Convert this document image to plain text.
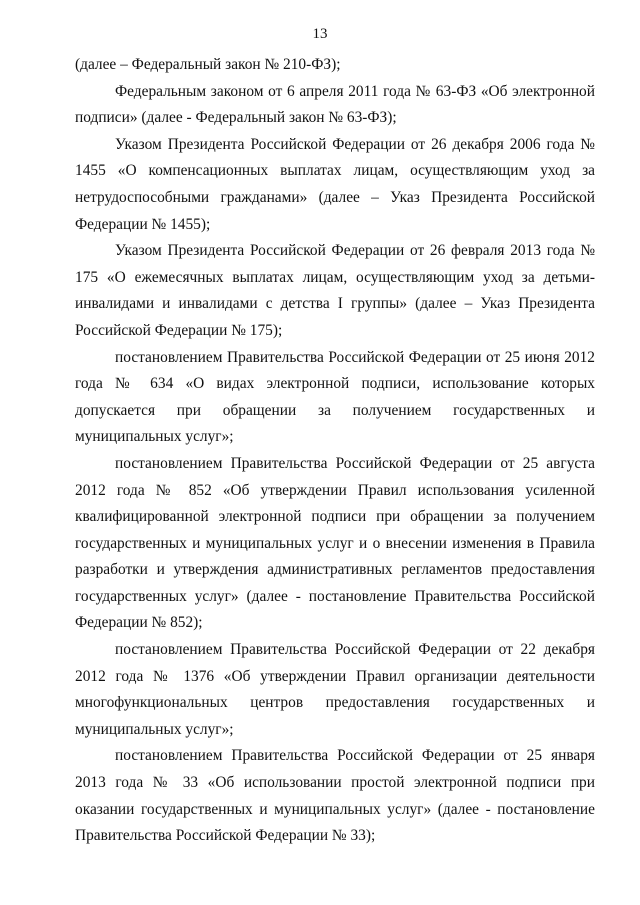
13

(далее – Федеральный закон № 210-ФЗ);

Федеральным законом от 6 апреля 2011 года № 63-ФЗ «Об электронной подписи» (далее - Федеральный закон № 63-ФЗ);

Указом Президента Российской Федерации от 26 декабря 2006 года № 1455 «О компенсационных выплатах лицам, осуществляющим уход за нетрудоспособными гражданами» (далее – Указ Президента Российской Федерации № 1455);

Указом Президента Российской Федерации от 26 февраля 2013 года № 175 «О ежемесячных выплатах лицам, осуществляющим уход за детьми-инвалидами и инвалидами с детства I группы» (далее – Указ Президента Российской Федерации № 175);

постановлением Правительства Российской Федерации от 25 июня 2012 года № 634 «О видах электронной подписи, использование которых допускается при обращении за получением государственных и муниципальных услуг»;

постановлением Правительства Российской Федерации от 25 августа 2012 года № 852 «Об утверждении Правил использования усиленной квалифицированной электронной подписи при обращении за получением государственных и муниципальных услуг и о внесении изменения в Правила разработки и утверждения административных регламентов предоставления государственных услуг» (далее - постановление Правительства Российской Федерации № 852);

постановлением Правительства Российской Федерации от 22 декабря 2012 года № 1376 «Об утверждении Правил организации деятельности многофункциональных центров предоставления государственных и муниципальных услуг»;

постановлением Правительства Российской Федерации от 25 января 2013 года № 33 «Об использовании простой электронной подписи при оказании государственных и муниципальных услуг» (далее - постановление Правительства Российской Федерации № 33);
